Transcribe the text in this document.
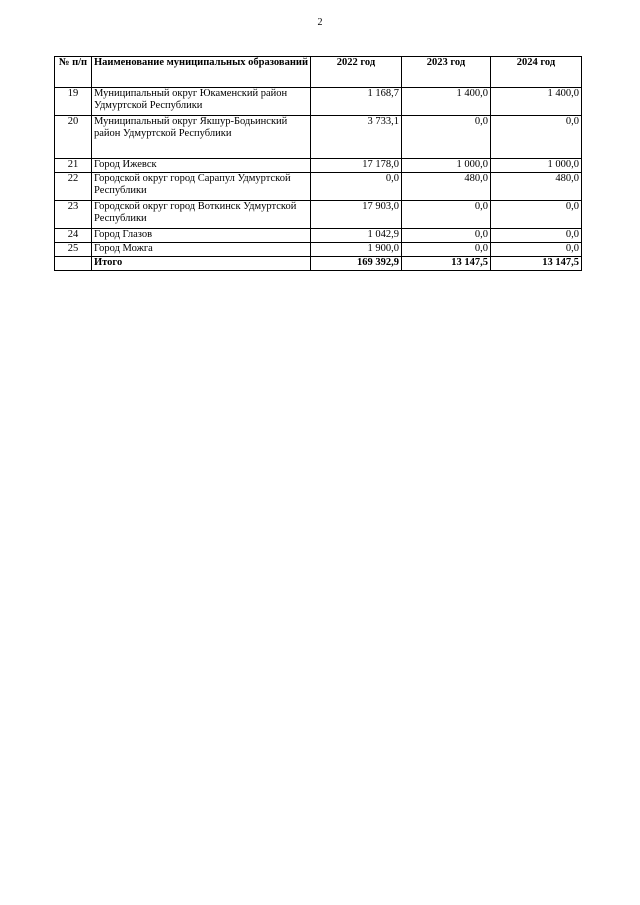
2
№ п/п	Наименование муниципальных образований	2022 год	2023 год	2024 год
19	Муниципальный округ Юкаменский район Удмуртской Республики	1 168,7	1 400,0	1 400,0
20	Муниципальный округ Якшур-Бодьинский район Удмуртской Республики	3 733,1	0,0	0,0
21	Город Ижевск	17 178,0	1 000,0	1 000,0
22	Городской округ город Сарапул Удмуртской Республики	0,0	480,0	480,0
23	Городской округ город Воткинск Удмуртской Республики	17 903,0	0,0	0,0
24	Город Глазов	1 042,9	0,0	0,0
25	Город Можга	1 900,0	0,0	0,0
	Итого	169 392,9	13 147,5	13 147,5
